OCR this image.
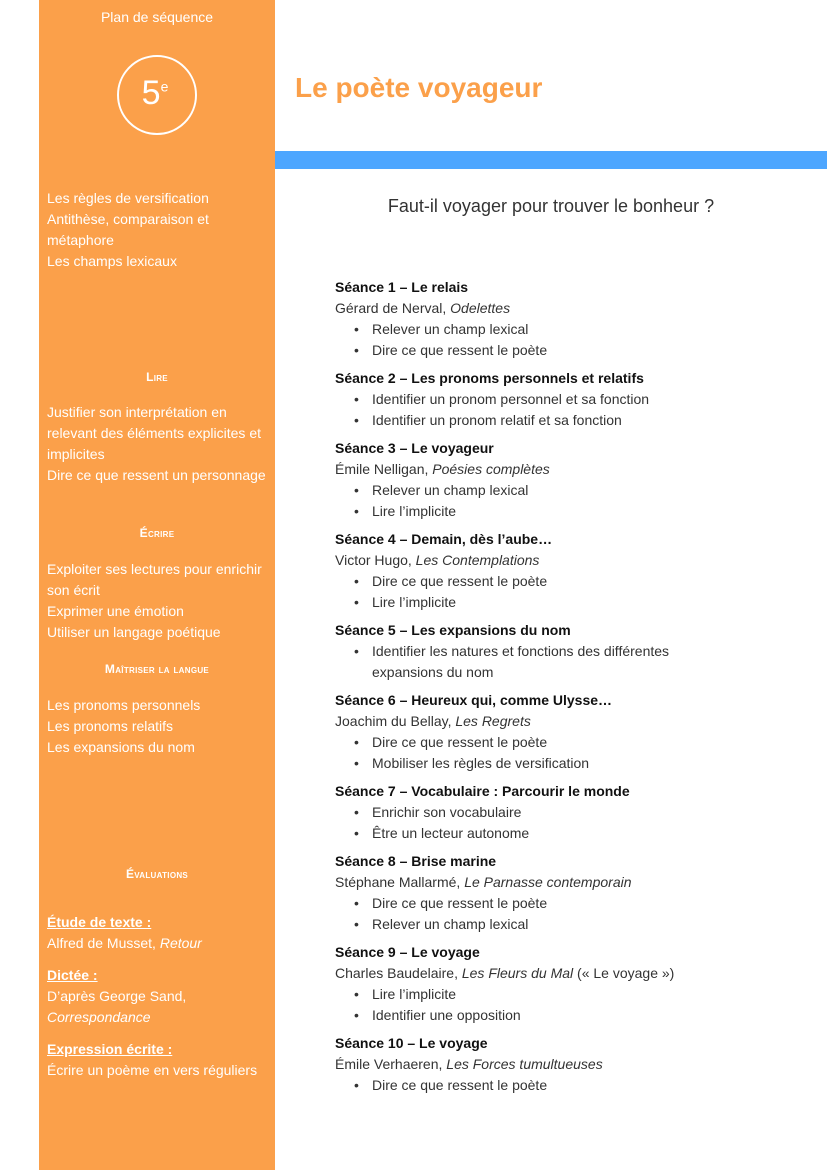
Plan de séquence
5e

Les règles de versification

Antithèse, comparaison et métaphore

Les champs lexicaux

Lire

Justifier son interprétation en relevant des éléments explicites et implicites

Dire ce que ressent un personnage

Écrire

Exploiter ses lectures pour enrichir son écrit

Exprimer une émotion

Utiliser un langage poétique

Maîtriser la langue

Les pronoms personnels

Les pronoms relatifs

Les expansions du nom

Évaluations

Étude de texte :

Alfred de Musset, Retour

Dictée :

D’après George Sand,
Correspondance

Expression écrite :

Écrire un poème en vers réguliers

Le poète voyageur
Faut-il voyager pour trouver le bonheur ?
Séance 1 – Le relais
Gérard de Nerval, Odelettes
• Relever un champ lexical
• Dire ce que ressent le poète
Séance 2 – Les pronoms personnels et relatifs
• Identifier un pronom personnel et sa fonction
• Identifier un pronom relatif et sa fonction
Séance 3 – Le voyageur
Émile Nelligan, Poésies complètes
• Relever un champ lexical
• Lire l’implicite
Séance 4 – Demain, dès l’aube…
Victor Hugo, Les Contemplations
• Dire ce que ressent le poète
• Lire l’implicite
Séance 5 – Les expansions du nom
• Identifier les natures et fonctions des différentes expansions du nom
Séance 6 – Heureux qui, comme Ulysse…
Joachim du Bellay, Les Regrets
• Dire ce que ressent le poète
• Mobiliser les règles de versification
Séance 7 – Vocabulaire : Parcourir le monde
• Enrichir son vocabulaire
• Être un lecteur autonome
Séance 8 – Brise marine
Stéphane Mallarmé, Le Parnasse contemporain
• Dire ce que ressent le poète
• Relever un champ lexical
Séance 9 – Le voyage
Charles Baudelaire, Les Fleurs du Mal (« Le voyage »)
• Lire l’implicite
• Identifier une opposition
Séance 10 – Le voyage
Émile Verhaeren, Les Forces tumultueuses
• Dire ce que ressent le poète
